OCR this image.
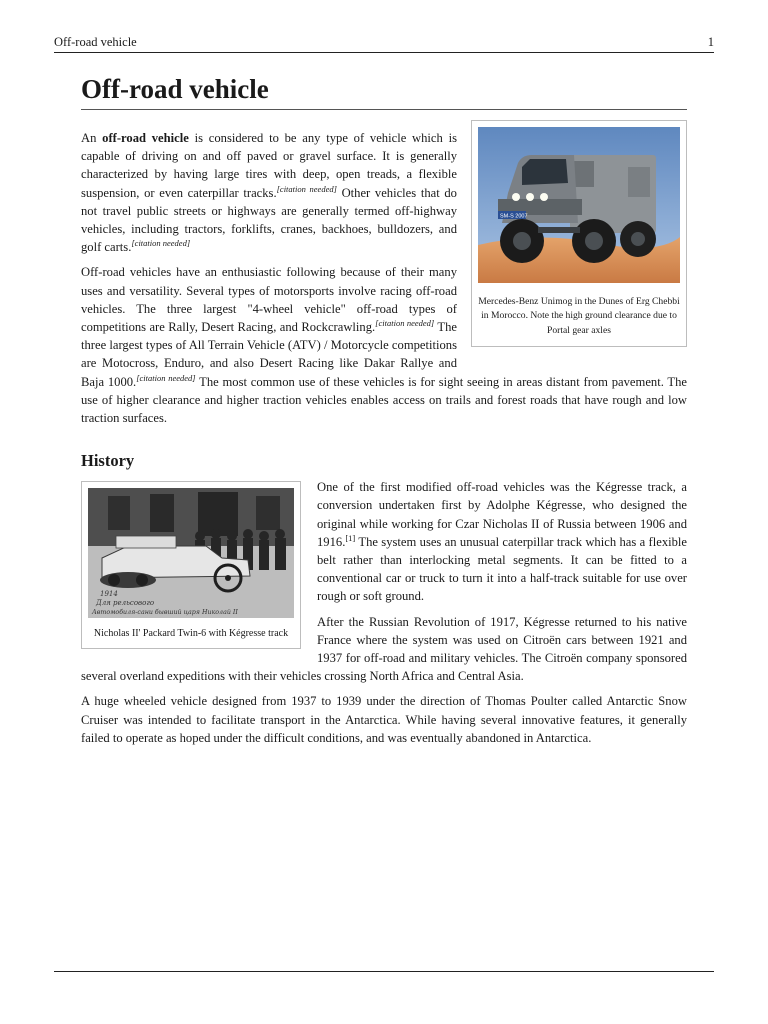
Off-road vehicle	1
Off-road vehicle
SM-S 2007
Mercedes-Benz Unimog in the Dunes of Erg Chebbi in Morocco. Note the high ground clearance due to Portal gear axles

An off-road vehicle is considered to be any type of vehicle which is capable of driving on and off paved or gravel surface. It is generally characterized by having large tires with deep, open treads, a flexible suspension, or even caterpillar tracks.[citation needed] Other vehicles that do not travel public streets or highways are generally termed off-highway vehicles, including tractors, forklifts, cranes, backhoes, bulldozers, and golf carts.[citation needed]

Off-road vehicles have an enthusiastic following because of their many uses and versatility. Several types of motorsports involve racing off-road vehicles. The three largest "4-wheel vehicle" off-road types of competitions are Rally, Desert Racing, and Rockcrawling.[citation needed] The three largest types of All Terrain Vehicle (ATV) / Motorcycle competitions are Motocross, Enduro, and also Desert Racing like Dakar Rallye and Baja 1000.[citation needed] The most common use of these vehicles is for sight seeing in areas distant from pavement. The use of higher clearance and higher traction vehicles enables access on trails and forest roads that have rough and low traction surfaces.

History
1914
Для рельсового
Автомобиля-сани бывший царя Николай II
Nicholas II' Packard Twin-6 with Kégresse track

One of the first modified off-road vehicles was the Kégresse track, a conversion undertaken first by Adolphe Kégresse, who designed the original while working for Czar Nicholas II of Russia between 1906 and 1916.[1] The system uses an unusual caterpillar track which has a flexible belt rather than interlocking metal segments. It can be fitted to a conventional car or truck to turn it into a half-track suitable for use over rough or soft ground.

After the Russian Revolution of 1917, Kégresse returned to his native France where the system was used on Citroën cars between 1921 and 1937 for off-road and military vehicles. The Citroën company sponsored several overland expeditions with their vehicles crossing North Africa and Central Asia.

A huge wheeled vehicle designed from 1937 to 1939 under the direction of Thomas Poulter called Antarctic Snow Cruiser was intended to facilitate transport in the Antarctica. While having several innovative features, it generally failed to operate as hoped under the difficult conditions, and was eventually abandoned in Antarctica.
